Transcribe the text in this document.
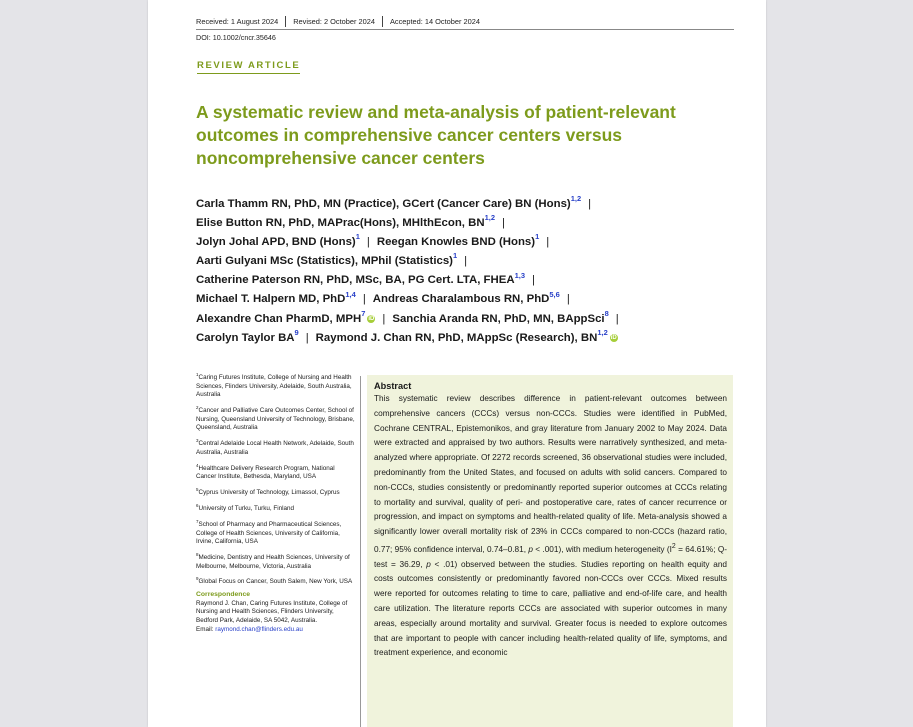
Received: 1 August 2024 Revised: 2 October 2024 Accepted: 14 October 2024
DOI: 10.1002/cncr.35646
REVIEW ARTICLE
A systematic review and meta-analysis of patient-relevant outcomes in comprehensive cancer centers versus noncomprehensive cancer centers
Carla Thamm RN, PhD, MN (Practice), GCert (Cancer Care) BN (Hons)$^{1,2}$ |
Elise Button RN, PhD, MAPrac(Hons), MHlthEcon, BN$^{1,2}$ |
Jolyn Johal APD, BND (Hons)$^1$ | Reegan Knowles BND (Hons)$^1$ |
Aarti Gulyani MSc (Statistics), MPhil (Statistics)$^1$ |
Catherine Paterson RN, PhD, MSc, BA, PG Cert. LTA, FHEA$^{1,3}$ |
Michael T. Halpern MD, PhD$^{1,4}$ | Andreas Charalambous RN, PhD$^{5,6}$ |
Alexandre Chan PharmD, MPH$^7$iD | Sanchia Aranda RN, PhD, MN, BAppSci$^8$ |
Carolyn Taylor $BA^9$ | Raymond J. Chan RN, PhD, MAppSc (Research), BN$^{1,2}$iD
$^1$Caring Futures Institute, College of Nursing and Health Sciences, Flinders University, Adelaide, South Australia, Australia
$^2$Cancer and Palliative Care Outcomes Center, School of Nursing, Queensland University of Technology, Brisbane, Queensland, Australia
$^3$Central Adelaide Local Health Network, Adelaide, South Australia, Australia
$^4$Healthcare Delivery Research Program, National Cancer Institute, Bethesda, Maryland, USA
$^5$Cyprus University of Technology, Limassol, Cyprus
$^6$University of Turku, Turku, Finland
$^7$School of Pharmacy and Pharmaceutical Sciences, College of Health Sciences, University of California, Irvine, California, USA
$^8$Medicine, Dentistry and Health Sciences, University of Melbourne, Melbourne, Victoria, Australia
$^9$Global Focus on Cancer, South Salem, New York, USA
Correspondence
Raymond J. Chan, Caring Futures Institute, College of Nursing and Health Sciences, Flinders University, Bedford Park, Adelaide, SA 5042, Australia.
Email: raymond.chan@flinders.edu.au
Abstract

This systematic review describes difference in patient-relevant outcomes between comprehensive cancers (CCCs) versus non-CCCs. Studies were identified in PubMed, Cochrane CENTRAL, Epistemonikos, and gray literature from January 2002 to May 2024. Data were extracted and appraised by two authors. Results were narratively synthesized, and meta-analyzed where appropriate. Of 2272 records screened, 36 observational studies were included, predominantly from the United States, and focused on adults with solid cancers. Compared to non-CCCs, studies consistently or predominantly reported superior outcomes at CCCs relating to mortality and survival, quality of peri- and postoperative care, rates of cancer recurrence or progression, and impact on symptoms and health-related quality of life. Meta-analysis showed a significantly lower overall mortality risk of 23% in CCCs compared to non-CCCs (hazard ratio, 0.77; 95% confidence interval, 0.74–0.81, p < .001), with medium heterogeneity ($I^2 = 64.61\%$; Q-test = 36.29, p < .01) observed between the studies. Studies reporting on health equity and costs outcomes consistently or predominantly favored non-CCCs over CCCs. Mixed results were reported for outcomes relating to time to care, palliative and end-of-life care, and health care utilization. The literature reports CCCs are associated with superior outcomes in many areas, especially around mortality and survival. Greater focus is needed to explore outcomes that are important to people with cancer including health-related quality of life, symptoms, and treatment experience, and economic
